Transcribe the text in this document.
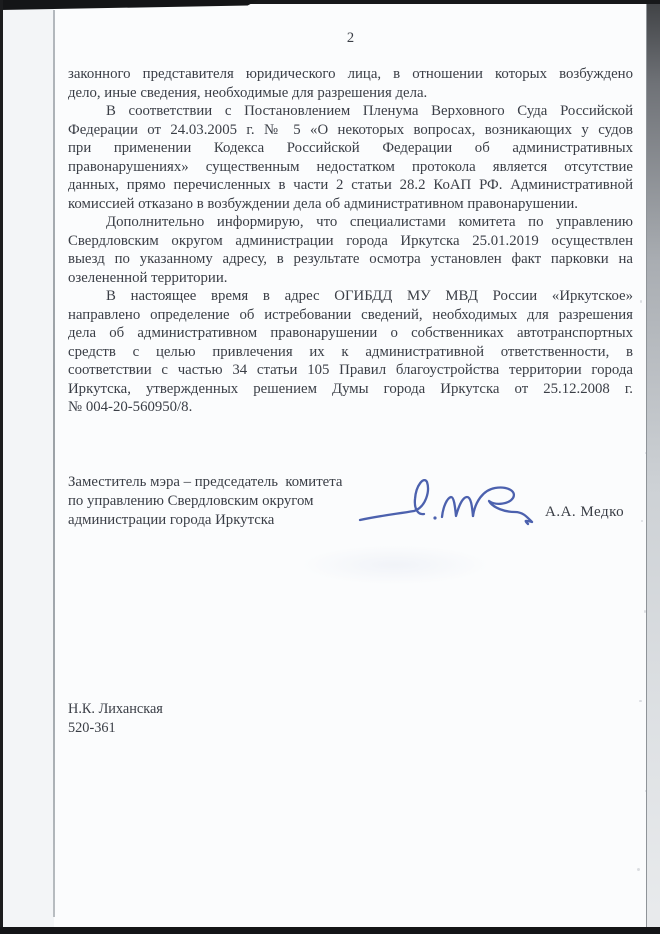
2
законного представителя юридического лица, в отношении которых возбуждено
дело, иные сведения, необходимые для разрешения дела.
В соответствии с Постановлением Пленума Верховного Суда Российской
Федерации от 24.03.2005 г. № 5 «О некоторых вопросах, возникающих у судов
при применении Кодекса Российской Федерации об административных
правонарушениях» существенным недостатком протокола является отсутствие
данных, прямо перечисленных в части 2 статьи 28.2 КоАП РФ. Административной
комиссией отказано в возбуждении дела об административном правонарушении.
Дополнительно информирую, что специалистами комитета по управлению
Свердловским округом администрации города Иркутска 25.01.2019 осуществлен
выезд по указанному адресу, в результате осмотра установлен факт парковки на
озелененной территории.
В настоящее время в адрес ОГИБДД МУ МВД России «Иркутское»
направлено определение об истребовании сведений, необходимых для разрешения
дела об административном правонарушении о собственниках автотранспортных
средств с целью привлечения их к административной ответственности, в
соответствии с частью 34 статьи 105 Правил благоустройства территории города
Иркутска, утвержденных решением Думы города Иркутска от 25.12.2008 г.
№ 004-20-560950/8.
Заместитель мэра – председатель  комитета
по управлению Свердловским округом
администрации города Иркутска	А.А. Медко
Н.К. Лиханская
520-361
